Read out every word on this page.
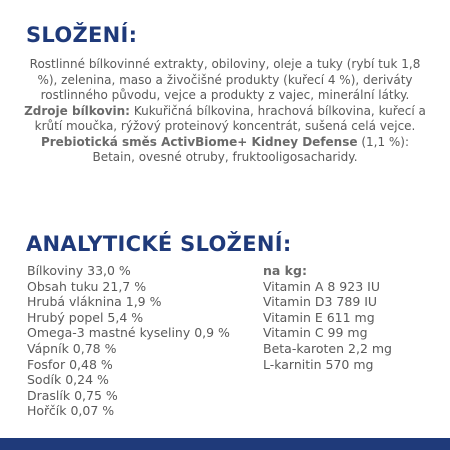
SLOŽENÍ:

Rostlinné bílkovinné extrakty, obiloviny, oleje a tuky (rybí tuk 1,8 %), zelenina, maso a živočišné produkty (kuřecí 4 %), deriváty rostlinného původu, vejce a produkty z vajec, minerální látky.

Zdroje bílkovin: Kukuřičná bílkovina, hrachová bílkovina, kuřecí a krůtí moučka, rýžový proteinový koncentrát, sušená celá vejce.

Prebiotická směs ActivBiome+ Kidney Defense (1,1 %): Betain, ovesné otruby, fruktooligosacharidy.

ANALYTICKÉ SLOŽENÍ:
Bílkoviny 33,0 %
Obsah tuku 21,7 %
Hrubá vláknina 1,9 %
Hrubý popel 5,4 %
Omega-3 mastné kyseliny 0,9 %
Vápník 0,78 %
Fosfor 0,48 %
Sodík 0,24 %
Draslík 0,75 %
Hořčík 0,07 %
na kg:
Vitamin A 8 923 IU
Vitamin D3 789 IU
Vitamin E 611 mg
Vitamin C 99 mg
Beta-karoten 2,2 mg
L-karnitin 570 mg
